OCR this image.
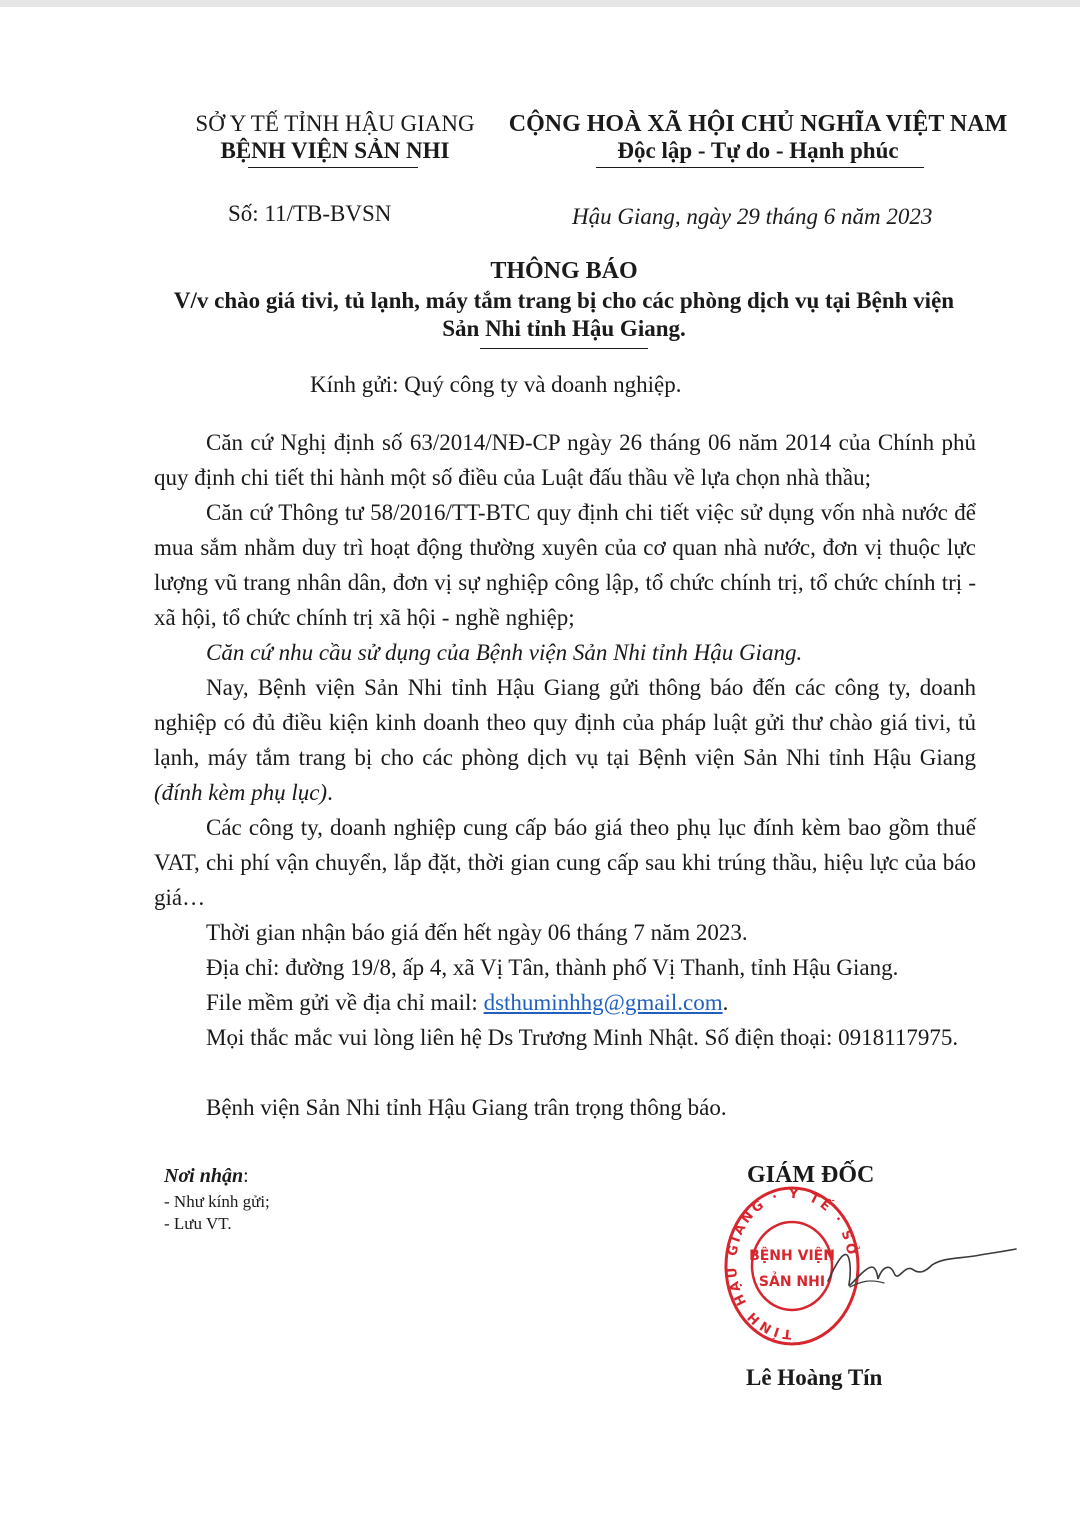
SỞ Y TẾ TỈNH HẬU GIANG
BỆNH VIỆN SẢN NHI
CỘNG HOÀ XÃ HỘI CHỦ NGHĨA VIỆT NAM
Độc lập - Tự do - Hạnh phúc
Số: 11/TB-BVSN	Hậu Giang, ngày 29 tháng 6 năm 2023
THÔNG BÁO
V/v chào giá tivi, tủ lạnh, máy tắm trang bị cho các phòng dịch vụ tại Bệnh viện
Sản Nhi tỉnh Hậu Giang.
Kính gửi: Quý công ty và doanh nghiệp.
Căn cứ Nghị định số 63/2014/NĐ-CP ngày 26 tháng 06 năm 2014 của Chính phủ quy định chi tiết thi hành một số điều của Luật đấu thầu về lựa chọn nhà thầu;
Căn cứ Thông tư 58/2016/TT-BTC quy định chi tiết việc sử dụng vốn nhà nước để mua sắm nhằm duy trì hoạt động thường xuyên của cơ quan nhà nước, đơn vị thuộc lực lượng vũ trang nhân dân, đơn vị sự nghiệp công lập, tổ chức chính trị, tổ chức chính trị - xã hội, tổ chức chính trị xã hội - nghề nghiệp;
Căn cứ nhu cầu sử dụng của Bệnh viện Sản Nhi tỉnh Hậu Giang.
Nay, Bệnh viện Sản Nhi tỉnh Hậu Giang gửi thông báo đến các công ty, doanh nghiệp có đủ điều kiện kinh doanh theo quy định của pháp luật gửi thư chào giá tivi, tủ lạnh, máy tắm trang bị cho các phòng dịch vụ tại Bệnh viện Sản Nhi tỉnh Hậu Giang (đính kèm phụ lục).
Các công ty, doanh nghiệp cung cấp báo giá theo phụ lục đính kèm bao gồm thuế VAT, chi phí vận chuyển, lắp đặt, thời gian cung cấp sau khi trúng thầu, hiệu lực của báo giá…
Thời gian nhận báo giá đến hết ngày 06 tháng 7 năm 2023.
Địa chỉ: đường 19/8, ấp 4, xã Vị Tân, thành phố Vị Thanh, tỉnh Hậu Giang.
File mềm gửi về địa chỉ mail: dsthuminhhg@gmail.com.
Mọi thắc mắc vui lòng liên hệ Ds Trương Minh Nhật. Số điện thoại: 0918117975.
Bệnh viện Sản Nhi tỉnh Hậu Giang trân trọng thông báo.
Nơi nhận:
- Như kính gửi;
- Lưu VT.
GIÁM ĐỐC
TỈNH HẬU GIANG · Y TẾ · SỞ
BỆNH VIỆN
SẢN NHI
Lê Hoàng Tín
